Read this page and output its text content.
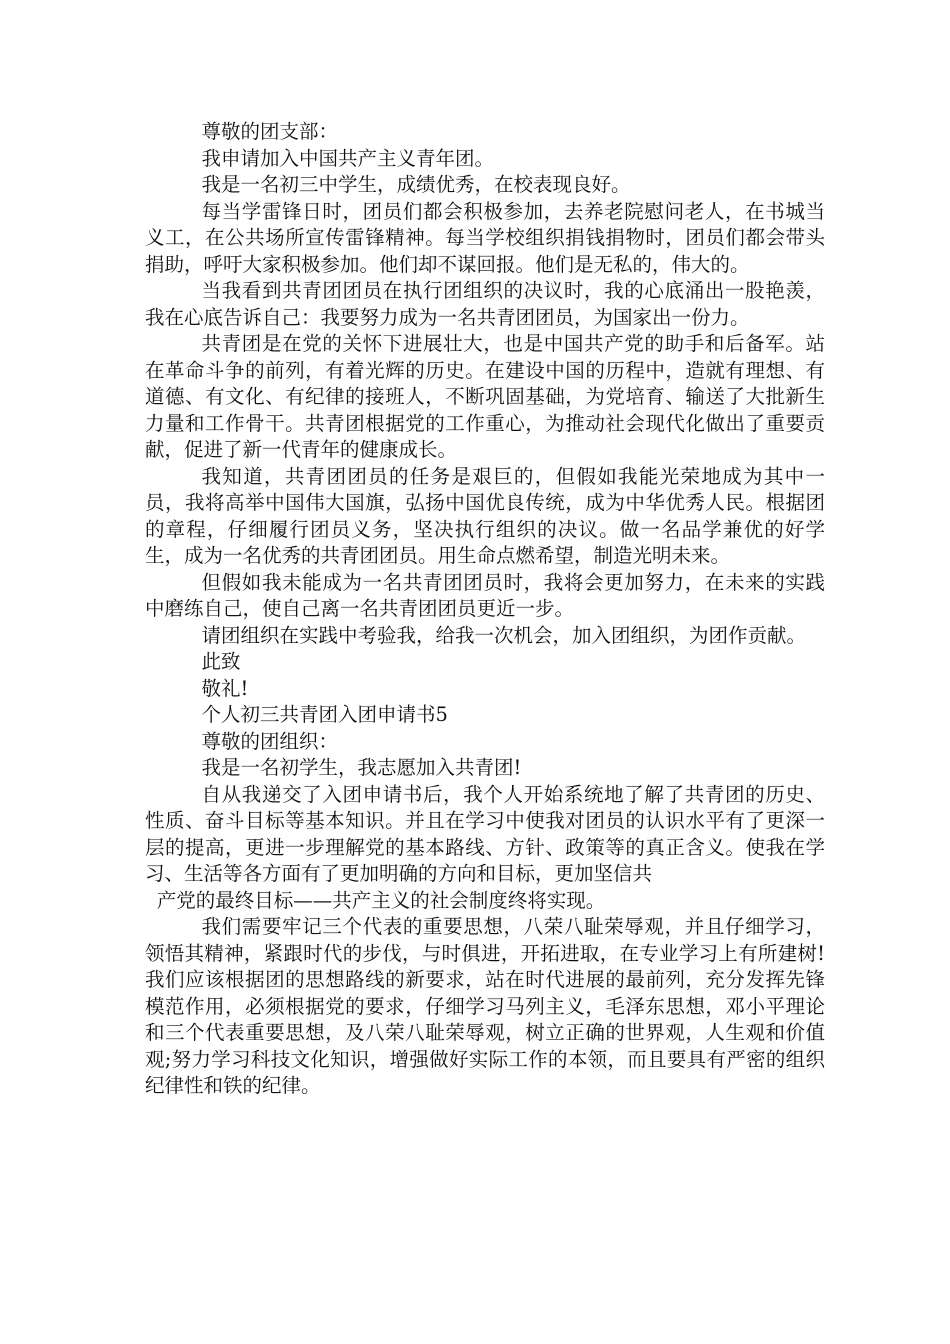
尊敬的团支部：

我申请加入中国共产主义青年团。

我是一名初三中学生，成绩优秀，在校表现良好。

每当学雷锋日时，团员们都会积极参加，去养老院慰问老人，在书城当义工，在公共场所宣传雷锋精神。每当学校组织捐钱捐物时，团员们都会带头捐助，呼吁大家积极参加。他们却不谋回报。他们是无私的，伟大的。

当我看到共青团团员在执行团组织的决议时，我的心底涌出一股艳羡，我在心底告诉自己：我要努力成为一名共青团团员，为国家出一份力。

共青团是在党的关怀下进展壮大，也是中国共产党的助手和后备军。站在革命斗争的前列，有着光辉的历史。在建设中国的历程中，造就有理想、有道德、有文化、有纪律的接班人，不断巩固基础，为党培育、输送了大批新生力量和工作骨干。共青团根据党的工作重心，为推动社会现代化做出了重要贡献，促进了新一代青年的健康成长。

我知道，共青团团员的任务是艰巨的，但假如我能光荣地成为其中一员，我将高举中国伟大国旗，弘扬中国优良传统，成为中华优秀人民。根据团的章程，仔细履行团员义务，坚决执行组织的决议。做一名品学兼优的好学生，成为一名优秀的共青团团员。用生命点燃希望，制造光明未来。

但假如我未能成为一名共青团团员时，我将会更加努力，在未来的实践中磨练自己，使自己离一名共青团团员更近一步。

请团组织在实践中考验我，给我一次机会，加入团组织，为团作贡献。

此致

敬礼!

个人初三共青团入团申请书5

尊敬的团组织：

我是一名初学生，我志愿加入共青团!

自从我递交了入团申请书后，我个人开始系统地了解了共青团的历史、性质、奋斗目标等基本知识。并且在学习中使我对团员的认识水平有了更深一层的提高，更进一步理解党的基本路线、方针、政策等的真正含义。使我在学习、生活等各方面有了更加明确的方向和目标，更加坚信共

产党的最终目标——共产主义的社会制度终将实现。

我们需要牢记三个代表的重要思想，八荣八耻荣辱观，并且仔细学习，领悟其精神，紧跟时代的步伐，与时俱进，开拓进取，在专业学习上有所建树!我们应该根据团的思想路线的新要求，站在时代进展的最前列，充分发挥先锋模范作用，必须根据党的要求，仔细学习马列主义，毛泽东思想，邓小平理论和三个代表重要思想，及八荣八耻荣辱观，树立正确的世界观，人生观和价值观;努力学习科技文化知识，增强做好实际工作的本领，而且要具有严密的组织纪律性和铁的纪律。
